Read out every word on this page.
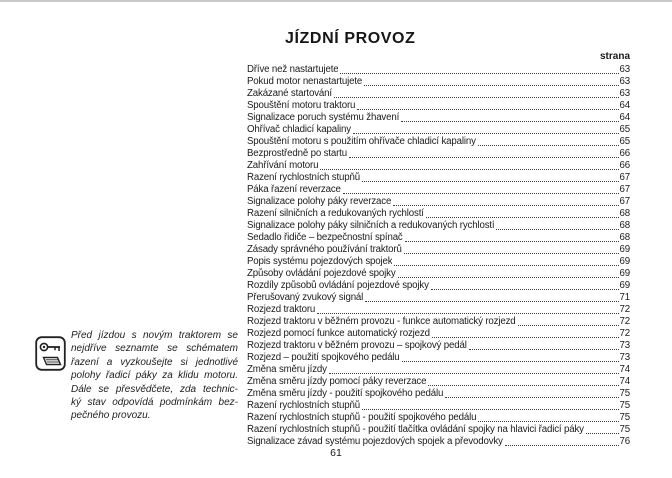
JÍZDNÍ PROVOZ
strana
Dříve než nastartujete	63
Pokud motor nenastartujete	63
Zakázané startování	63
Spouštění motoru traktoru	64
Signalizace poruch systému žhavení	64
Ohřívač chladicí kapaliny	65
Spouštění motoru s použitím ohřívače chladicí kapaliny	65
Bezprostředně po startu	66
Zahřívání motoru	66
Řazení rychlostních stupňů	67
Páka řazení reverzace	67
Signalizace polohy páky reverzace	67
Řazení silničních a redukovaných rychlostí	68
Signalizace polohy páky silničních a redukovaných rychlostí	68
Sedadlo řidiče – bezpečnostní spínač	68
Zásady správného používání traktorů	69
Popis systému pojezdových spojek	69
Způsoby ovládání pojezdové spojky	69
Rozdíly způsobů ovládání pojezdové spojky	69
Přerušovaný zvukový signál	71
Rozjezd traktoru	72
Rozjezd traktoru v běžném provozu - funkce automatický rozjezd	72
Rozjezd pomocí funkce automatický rozjezd	72
Rozjezd traktoru v běžném provozu – spojkový pedál	73
Rozjezd – použití spojkového pedálu	73
Změna směru jízdy	74
Změna směru jízdy pomocí páky reverzace	74
Změna směru jízdy - použití spojkového pedálu	75
Řazení rychlostních stupňů	75
Řazení rychlostních stupňů - použití spojkového pedálu	75
Řazení rychlostních stupňů - použití tlačítka ovládání spojky na hlavici řadicí páky	75
Signalizace závad systému pojezdových spojek a převodovky	76
Před jízdou s novým traktorem se
nejdříve seznamte se schématem
řazení a vyzkoušejte si jednotlivé
polohy řadicí páky za klidu motoru.
Dále se přesvědčete, zda technic-
ký stav odpovídá podmínkám bez-
pečného provozu.
61
